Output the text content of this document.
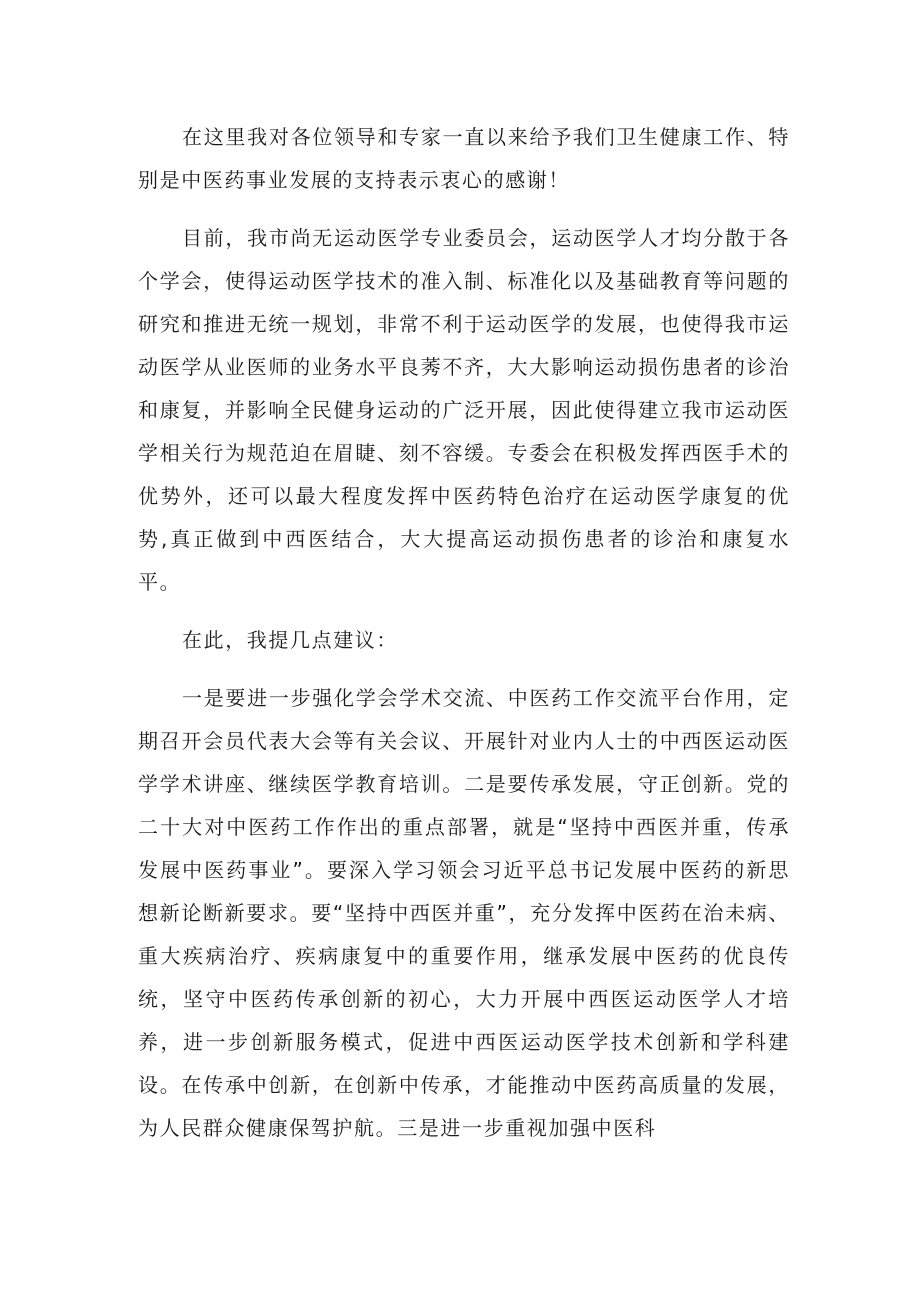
在这里我对各位领导和专家一直以来给予我们卫生健康工作、特别是中医药事业发展的支持表示衷心的感谢！

目前，我市尚无运动医学专业委员会，运动医学人才均分散于各个学会，使得运动医学技术的准入制、标准化以及基础教育等问题的研究和推进无统一规划，非常不利于运动医学的发展，也使得我市运动医学从业医师的业务水平良莠不齐，大大影响运动损伤患者的诊治和康复，并影响全民健身运动的广泛开展，因此使得建立我市运动医学相关行为规范迫在眉睫、刻不容缓。专委会在积极发挥西医手术的优势外，还可以最大程度发挥中医药特色治疗在运动医学康复的优势,真正做到中西医结合，大大提高运动损伤患者的诊治和康复水平。

在此，我提几点建议：

一是要进一步强化学会学术交流、中医药工作交流平台作用，定期召开会员代表大会等有关会议、开展针对业内人士的中西医运动医学学术讲座、继续医学教育培训。二是要传承发展，守正创新。党的二十大对中医药工作作出的重点部署，就是“坚持中西医并重，传承发展中医药事业”。要深入学习领会习近平总书记发展中医药的新思想新论断新要求。要“坚持中西医并重”，充分发挥中医药在治未病、重大疾病治疗、疾病康复中的重要作用，继承发展中医药的优良传统，坚守中医药传承创新的初心，大力开展中西医运动医学人才培养，进一步创新服务模式，促进中西医运动医学技术创新和学科建设。在传承中创新，在创新中传承，才能推动中医药高质量的发展，为人民群众健康保驾护航。三是进一步重视加强中医科
